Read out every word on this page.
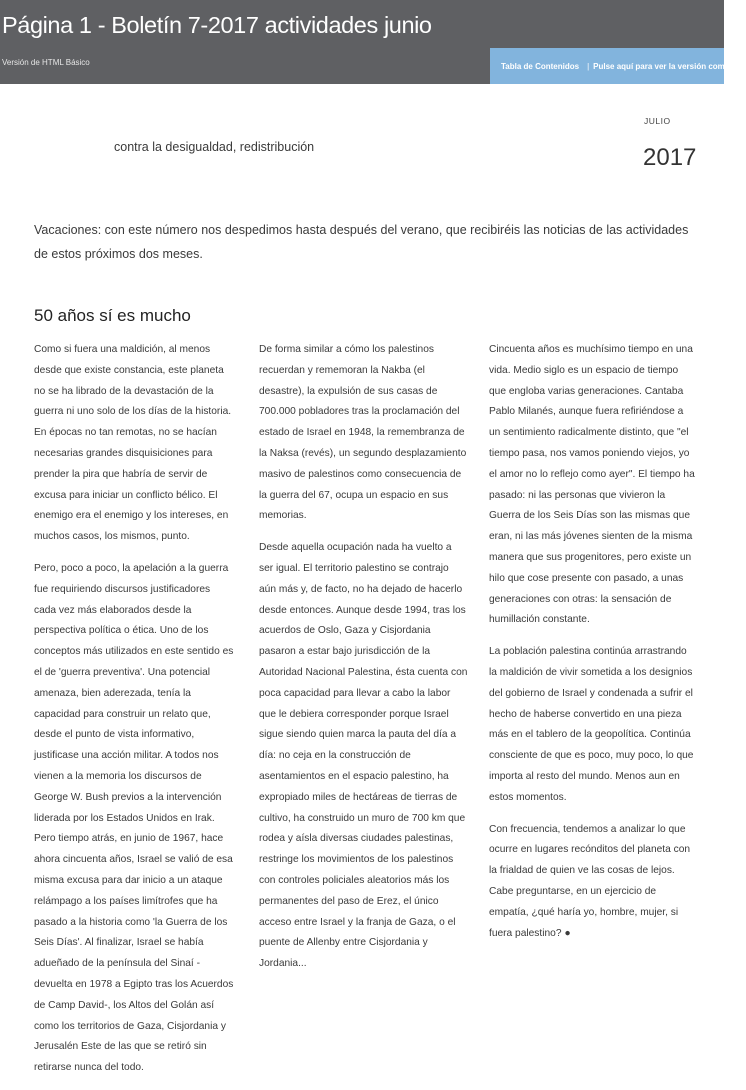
Página 1 - Boletín 7-2017 actividades junio
Versión de HTML Básico	Tabla de Contenidos | Pulse aquí para ver la versión completa.
contra la desigualdad, redistribución
JULIO
2017

Vacaciones: con este número nos despedimos hasta después del verano, que recibiréis las noticias de las actividades de estos próximos dos meses.

50 años sí es mucho

Como si fuera una maldición, al menos desde que existe constancia, este planeta no se ha librado de la devastación de la guerra ni uno solo de los días de la historia. En épocas no tan remotas, no se hacían necesarias grandes disquisiciones para prender la pira que habría de servir de excusa para iniciar un conflicto bélico. El enemigo era el enemigo y los intereses, en muchos casos, los mismos, punto.

Pero, poco a poco, la apelación a la guerra fue requiriendo discursos justificadores cada vez más elaborados desde la perspectiva política o ética. Uno de los conceptos más utilizados en este sentido es el de 'guerra preventiva'. Una potencial amenaza, bien aderezada, tenía la capacidad para construir un relato que, desde el punto de vista informativo, justificase una acción militar. A todos nos vienen a la memoria los discursos de George W. Bush previos a la intervención liderada por los Estados Unidos en Irak. Pero tiempo atrás, en junio de 1967, hace ahora cincuenta años, Israel se valió de esa misma excusa para dar inicio a un ataque relámpago a los países limítrofes que ha pasado a la historia como 'la Guerra de los Seis Días'. Al finalizar, Israel se había adueñado de la península del Sinaí -devuelta en 1978 a Egipto tras los Acuerdos de Camp David-, los Altos del Golán así como los territorios de Gaza, Cisjordania y Jerusalén Este de las que se retiró sin retirarse nunca del todo.

De forma similar a cómo los palestinos recuerdan y rememoran la Nakba (el desastre), la expulsión de sus casas de 700.000 pobladores tras la proclamación del estado de Israel en 1948, la remembranza de la Naksa (revés), un segundo desplazamiento masivo de palestinos como consecuencia de la guerra del 67, ocupa un espacio en sus memorias.

Desde aquella ocupación nada ha vuelto a ser igual. El territorio palestino se contrajo aún más y, de facto, no ha dejado de hacerlo desde entonces. Aunque desde 1994, tras los acuerdos de Oslo, Gaza y Cisjordania pasaron a estar bajo jurisdicción de la Autoridad Nacional Palestina, ésta cuenta con poca capacidad para llevar a cabo la labor que le debiera corresponder porque Israel sigue siendo quien marca la pauta del día a día: no ceja en la construcción de asentamientos en el espacio palestino, ha expropiado miles de hectáreas de tierras de cultivo, ha construido un muro de 700 km que rodea y aísla diversas ciudades palestinas, restringe los movimientos de los palestinos con controles policiales aleatorios más los permanentes del paso de Erez, el único acceso entre Israel y la franja de Gaza, o el puente de Allenby entre Cisjordania y Jordania...

Cincuenta años es muchísimo tiempo en una vida. Medio siglo es un espacio de tiempo que engloba varias generaciones. Cantaba Pablo Milanés, aunque fuera refiriéndose a un sentimiento radicalmente distinto, que "el tiempo pasa, nos vamos poniendo viejos, yo el amor no lo reflejo como ayer". El tiempo ha pasado: ni las personas que vivieron la Guerra de los Seis Días son las mismas que eran, ni las más jóvenes sienten de la misma manera que sus progenitores, pero existe un hilo que cose presente con pasado, a unas generaciones con otras: la sensación de humillación constante.

La población palestina continúa arrastrando la maldición de vivir sometida a los designios del gobierno de Israel y condenada a sufrir el hecho de haberse convertido en una pieza más en el tablero de la geopolítica. Continúa consciente de que es poco, muy poco, lo que importa al resto del mundo. Menos aun en estos momentos.

Con frecuencia, tendemos a analizar lo que ocurre en lugares recónditos del planeta con la frialdad de quien ve las cosas de lejos. Cabe preguntarse, en un ejercicio de empatía, ¿qué haría yo, hombre, mujer, si fuera palestino? ●
